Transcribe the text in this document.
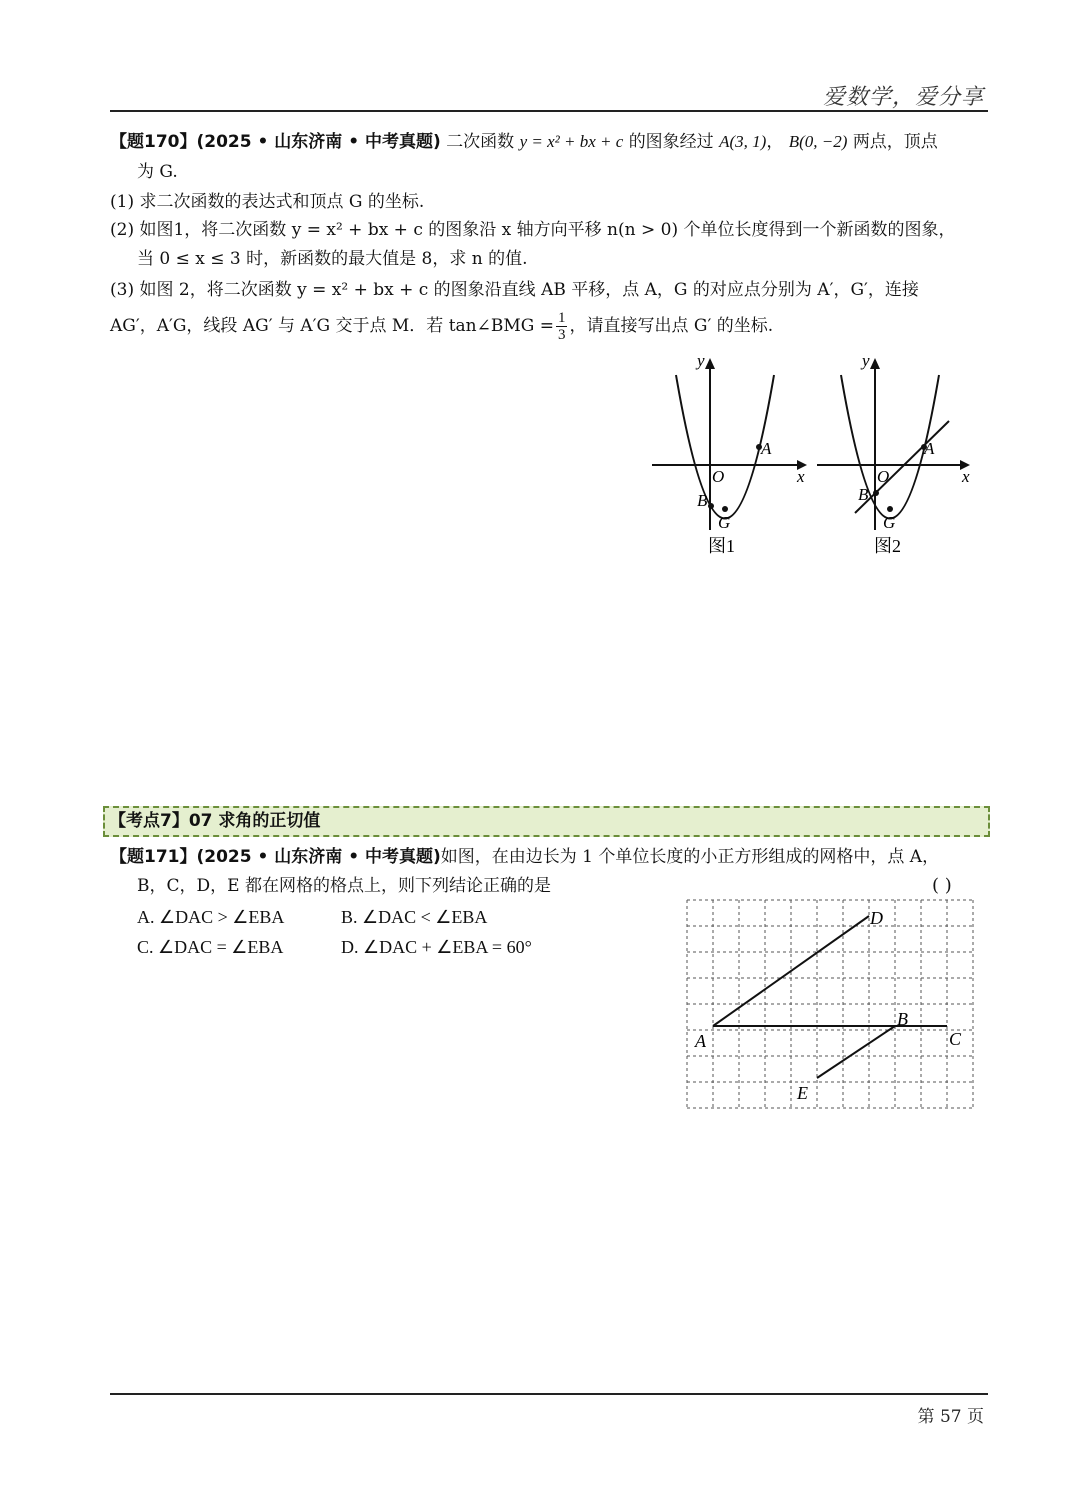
爱数学，爱分享
【题170】(2025 • 山东济南 • 中考真题) 二次函数 y = x² + bx + c 的图象经过 A(3, 1)， B(0, −2) 两点，顶点
为 G.
(1) 求二次函数的表达式和顶点 G 的坐标.
(2) 如图1，将二次函数 y = x² + bx + c 的图象沿 x 轴方向平移 n(n > 0) 个单位长度得到一个新函数的图象，
当 0 ≤ x ≤ 3 时，新函数的最大值是 8，求 n 的值.
(3) 如图 2，将二次函数 y = x² + bx + c 的图象沿直线 AB 平移，点 A，G 的对应点分别为 A′，G′，连接
AG′，A′G，线段 AG′ 与 A′G 交于点 M．若 tan∠BMG = $\frac{1}{3}$ ，请直接写出点 G′ 的坐标.
x
y
O
A
B
G
图1
x
y
O
A
B
G
图2
【考点7】07 求角的正切值
【题171】(2025 • 山东济南 • 中考真题)如图，在由边长为 1 个单位长度的小正方形组成的网格中，点 A，
B，C，D，E 都在网格的格点上，则下列结论正确的是	( )
A. ∠DAC > ∠EBA	B. ∠DAC < ∠EBA
C. ∠DAC = ∠EBA	D. ∠DAC + ∠EBA = 60°
A
B
C
D
E
第 57 页
